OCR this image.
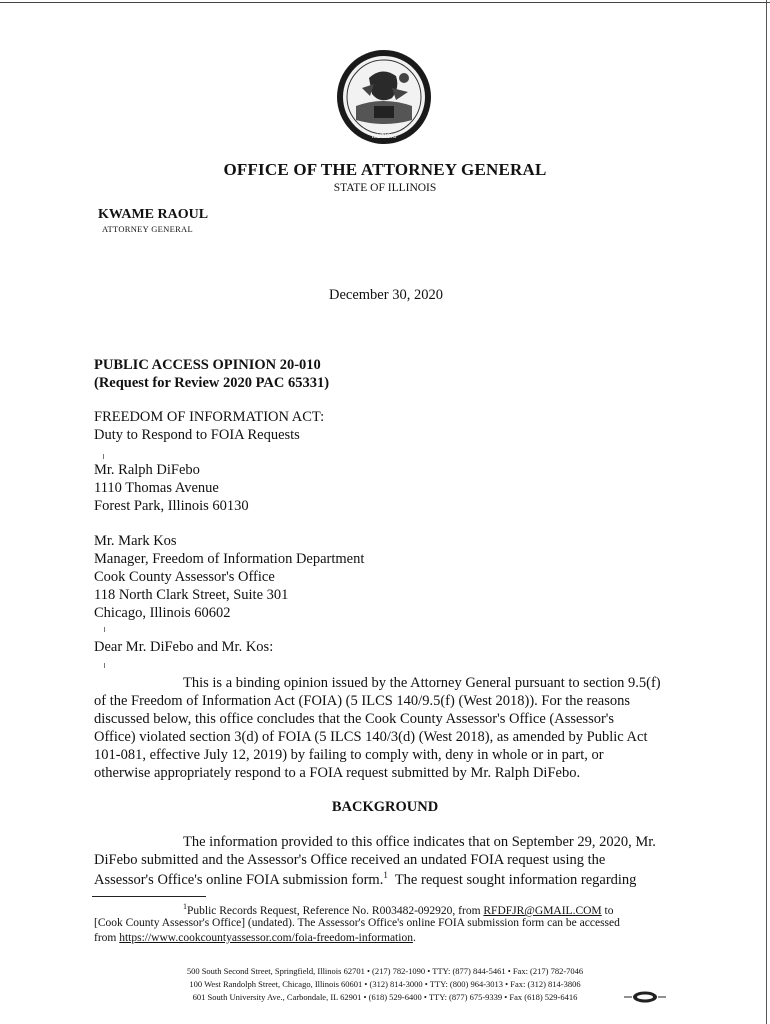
ILLINOIS
OFFICE OF THE ATTORNEY GENERAL
STATE OF ILLINOIS
KWAME RAOUL
ATTORNEY GENERAL
December 30, 2020
PUBLIC ACCESS OPINION 20-010
(Request for Review 2020 PAC 65331)
FREEDOM OF INFORMATION ACT:
Duty to Respond to FOIA Requests
Mr. Ralph DiFebo
1110 Thomas Avenue
Forest Park, Illinois 60130
Mr. Mark Kos
Manager, Freedom of Information Department
Cook County Assessor's Office
118 North Clark Street, Suite 301
Chicago, Illinois 60602
Dear Mr. DiFebo and Mr. Kos:
This is a binding opinion issued by the Attorney General pursuant to section 9.5(f)
of the Freedom of Information Act (FOIA) (5 ILCS 140/9.5(f) (West 2018)). For the reasons
discussed below, this office concludes that the Cook County Assessor's Office (Assessor's
Office) violated section 3(d) of FOIA (5 ILCS 140/3(d) (West 2018), as amended by Public Act
101-081, effective July 12, 2019) by failing to comply with, deny in whole or in part, or
otherwise appropriately respond to a FOIA request submitted by Mr. Ralph DiFebo.
BACKGROUND
The information provided to this office indicates that on September 29, 2020, Mr.
DiFebo submitted and the Assessor's Office received an undated FOIA request using the
Assessor's Office's online FOIA submission form.$^1$ The request sought information regarding
$^1$Public Records Request, Reference No. R003482-092920, from RFDFJR@GMAIL.COM to
[Cook County Assessor's Office] (undated). The Assessor's Office's online FOIA submission form can be accessed
from https://www.cookcountyassessor.com/foia-freedom-information.
500 South Second Street, Springfield, Illinois 62701 • (217) 782-1090 • TTY: (877) 844-5461 • Fax: (217) 782-7046
100 West Randolph Street, Chicago, Illinois 60601 • (312) 814-3000 • TTY: (800) 964-3013 • Fax: (312) 814-3806
601 South University Ave., Carbondale, IL 62901 • (618) 529-6400 • TTY: (877) 675-9339 • Fax (618) 529-6416
